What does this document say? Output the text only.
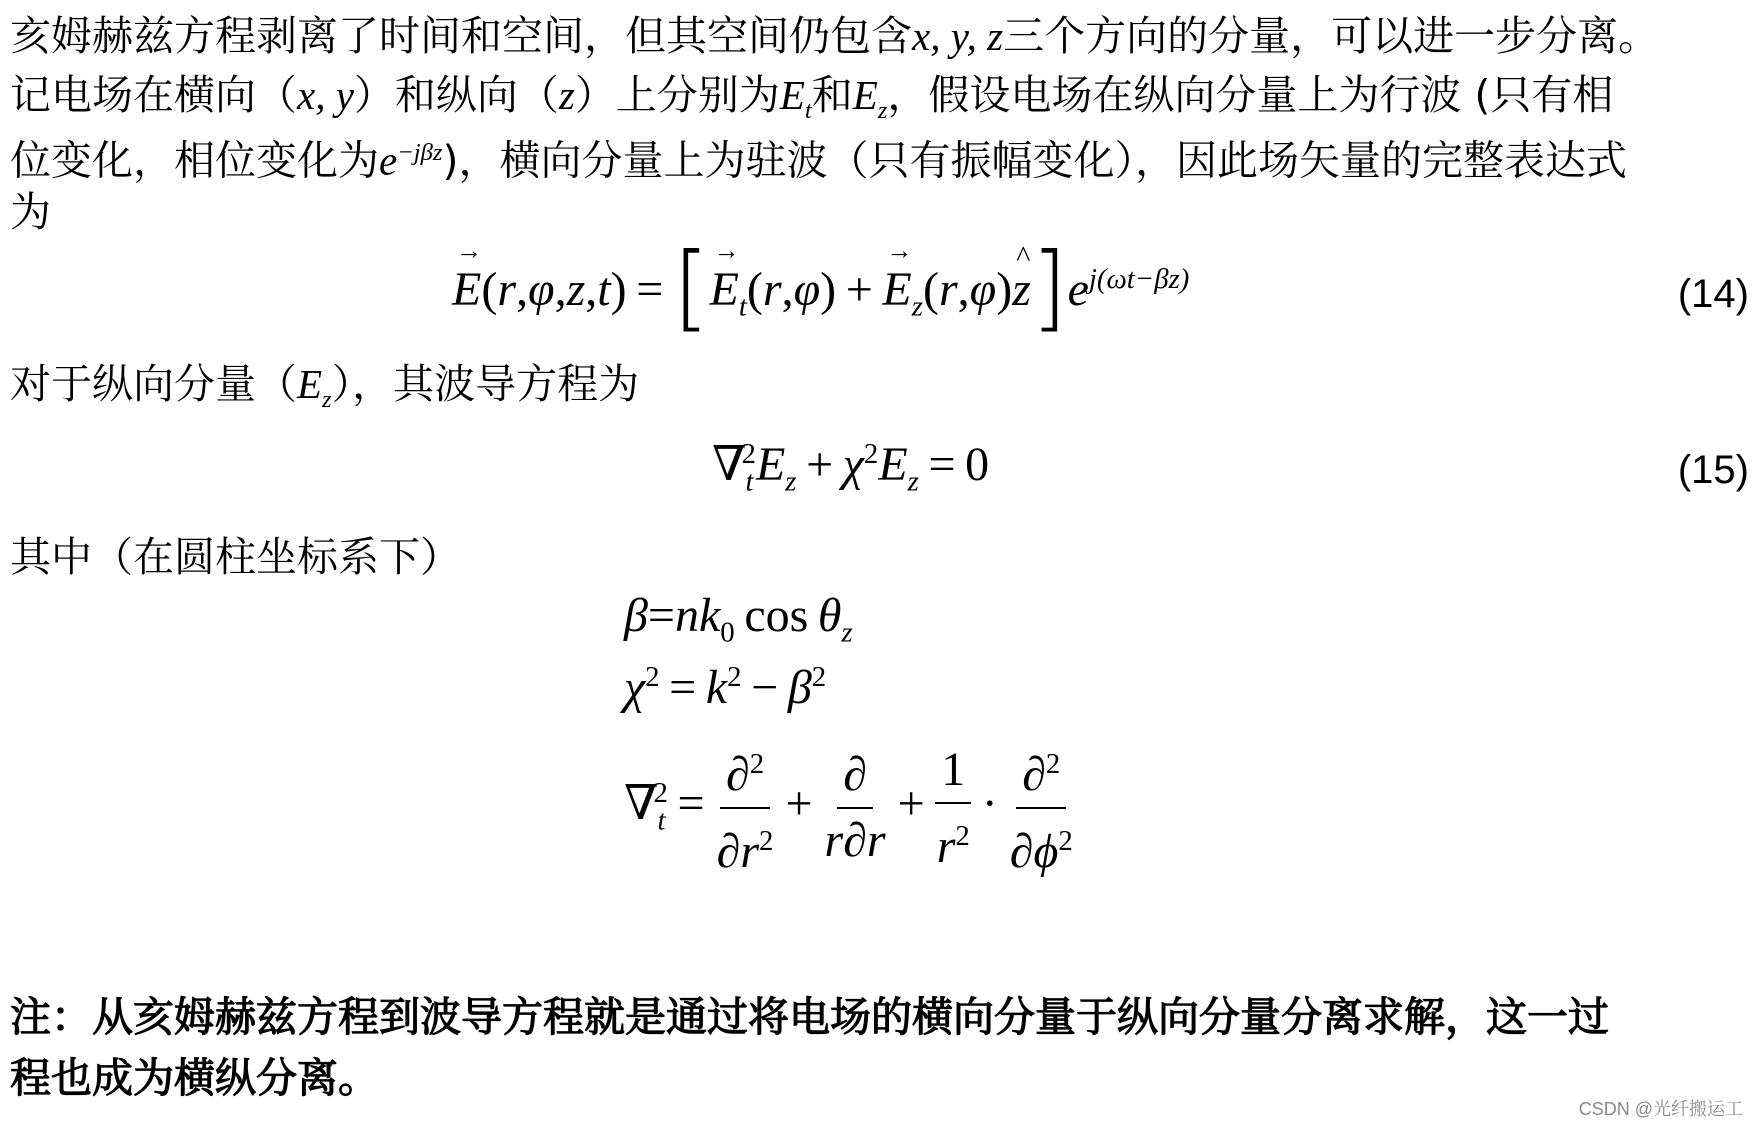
亥姆赫兹方程剥离了时间和空间，但其空间仍包含x, y, z三个方向的分量，可以进一步分离。
记电场在横向（x, y）和纵向（z）上分别为$E_t$和$E_z$，假设电场在纵向分量上为行波 (只有相
位变化，相位变化为$e^{-j\beta z}$)，横向分量上为驻波（只有振幅变化），因此场矢量的完整表达式
为
→ E(r,φ,z,t) = [→ $E_t(r,\varphi)$ + → $E_z(r,\varphi)\^{}$ $z]e^{j(\omega t-\beta z)}$	(14)
对于纵向分量$(E_z)$，其波导方程为
$\nabla_t^2E_z + \chi^2E_z = 0$	(15)
其中（在圆柱坐标系下）
$\beta=nk_0$ $\cos \theta_z$
$\chi^2 = k^2 - \beta^2$
$\nabla_t^2 = \frac{\partial^2}{\partial r^2} + \frac{\partial}{r\partial r} + \frac{1}{r^2} \cdot \frac{\partial^2}{\partial\phi^2}$
注：从亥姆赫兹方程到波导方程就是通过将电场的横向分量于纵向分量分离求解，这一过
程也成为横纵分离。
CSDN @光纤搬运工
